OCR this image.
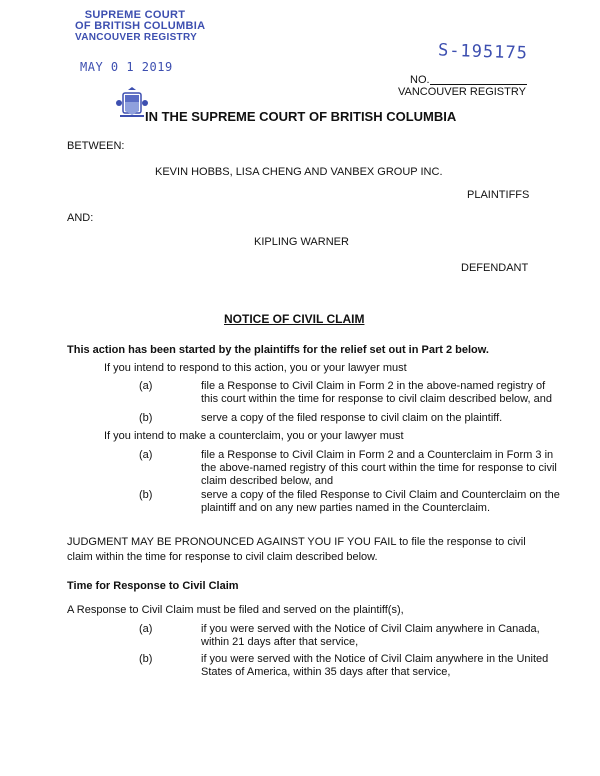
SUPREME COURT
OF BRITISH COLUMBIA
VANCOUVER REGISTRY
MAY 0 1 2019
S-195175
NO.
VANCOUVER REGISTRY
IN THE SUPREME COURT OF BRITISH COLUMBIA
BETWEEN:
KEVIN HOBBS, LISA CHENG AND VANBEX GROUP INC.
PLAINTIFFS
AND:
KIPLING WARNER
DEFENDANT
NOTICE OF CIVIL CLAIM
This action has been started by the plaintiffs for the relief set out in Part 2 below.
If you intend to respond to this action, you or your lawyer must
(a)	file a Response to Civil Claim in Form 2 in the above-named registry of
this court within the time for response to civil claim described below, and
(b)	serve a copy of the filed response to civil claim on the plaintiff.
If you intend to make a counterclaim, you or your lawyer must
(a)	file a Response to Civil Claim in Form 2 and a Counterclaim in Form 3 in
the above-named registry of this court within the time for response to civil
claim described below, and
(b)	serve a copy of the filed Response to Civil Claim and Counterclaim on the
plaintiff and on any new parties named in the Counterclaim.
JUDGMENT MAY BE PRONOUNCED AGAINST YOU IF YOU FAIL to file the response to civil
claim within the time for response to civil claim described below.
Time for Response to Civil Claim
A Response to Civil Claim must be filed and served on the plaintiff(s),
(a)	if you were served with the Notice of Civil Claim anywhere in Canada,
within 21 days after that service,
(b)	if you were served with the Notice of Civil Claim anywhere in the United
States of America, within 35 days after that service,
